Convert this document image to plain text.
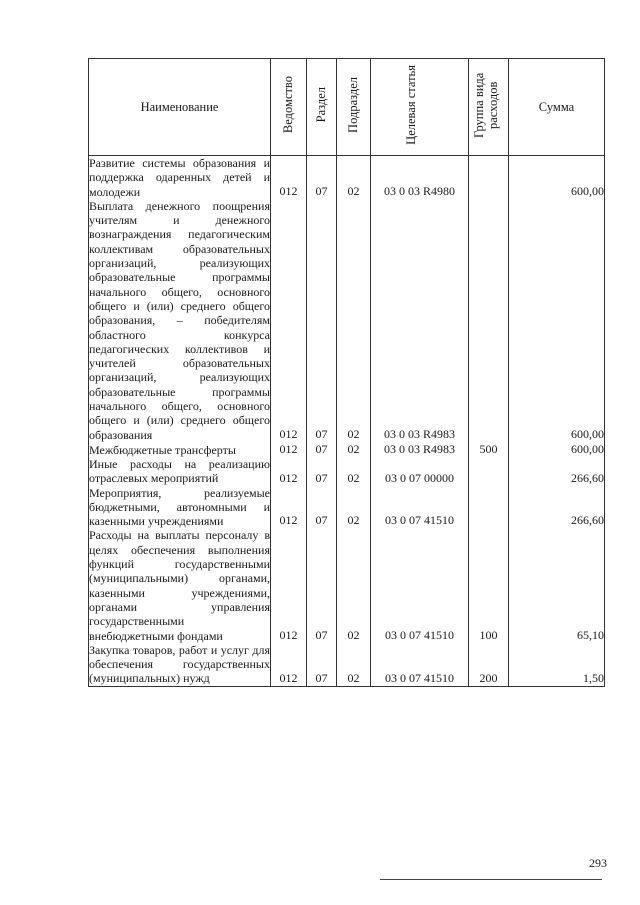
Наименование	Ведомство	Раздел	Подраздел	Целевая статья	Группа вида расходов	Сумма
Развитие системы образования и поддержка одаренных детей и молодежи	012	07	02	03 0 03 R4980		600,00
Выплата денежного поощрения учителям и денежного вознаграждения педагогическим коллективам образовательных организаций, реализующих образовательные программы начального общего, основного общего и (или) среднего общего образования, – победителям областного конкурса педагогических коллективов и учителей образовательных организаций, реализующих образовательные программы начального общего, основного общего и (или) среднего общего образования	012	07	02	03 0 03 R4983		600,00
Межбюджетные трансферты	012	07	02	03 0 03 R4983	500	600,00
Иные расходы на реализацию отраслевых мероприятий	012	07	02	03 0 07 00000		266,60
Мероприятия, реализуемые бюджетными, автономными и казенными учреждениями	012	07	02	03 0 07 41510		266,60
Расходы на выплаты персоналу в целях обеспечения выполнения функций государственными (муниципальными) органами, казенными учреждениями, органами управления государственными внебюджетными фондами	012	07	02	03 0 07 41510	100	65,10
Закупка товаров, работ и услуг для обеспечения государственных (муниципальных) нужд	012	07	02	03 0 07 41510	200	1,50
293
